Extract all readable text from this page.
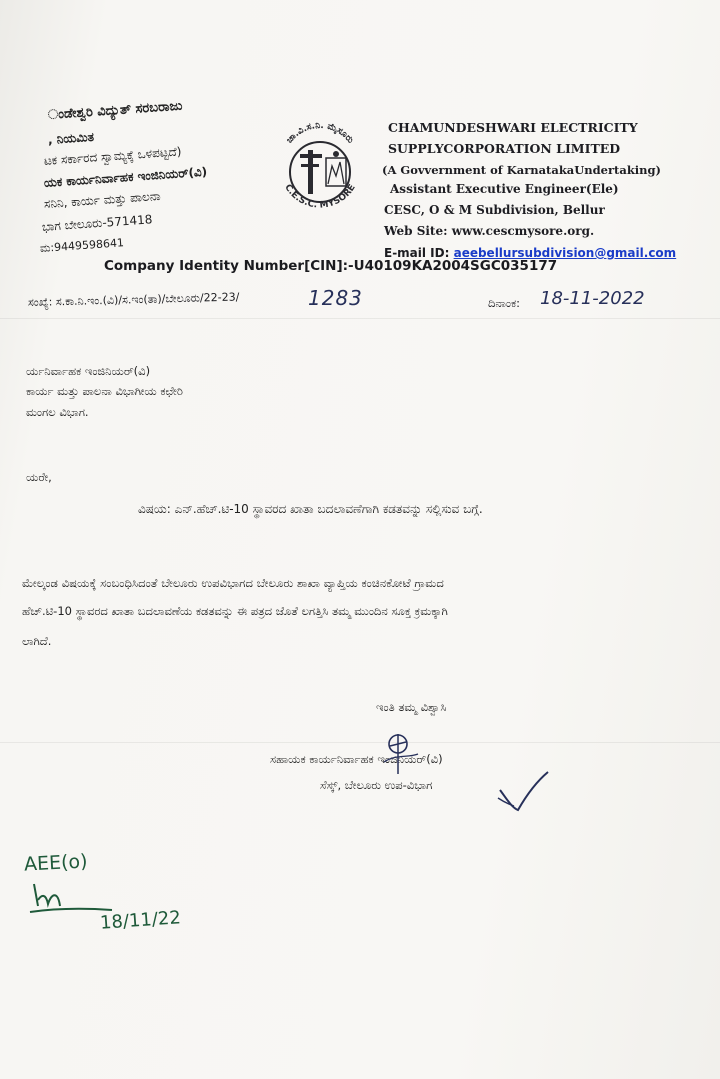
ಂಡೇಶ್ವರಿ ವಿದ್ಯುತ್ ಸರಬರಾಜು
, ನಿಯಮಿತ
ಟಕ ಸರ್ಕಾರದ ಸ್ವಾಮ್ಯಕ್ಕೆ ಒಳಪಟ್ಟದೆ)
ಯಕ ಕಾರ್ಯನಿರ್ವಾಹಕ ಇಂಜಿನಿಯರ್(ವಿ)
ಸನಿನಿ, ಕಾರ್ಯ ಮತ್ತು ಪಾಲನಾ
ಭಾಗ ಬೇಲೂರು-571418
ಮ:9449598641
ಚಾ.ವಿ.ಸ.ನಿ. ಮೈಸೂರು
C.E.S.C. MYSORE
CHAMUNDESHWARI ELECTRICITY
SUPPLYCORPORATION LIMITED
(A Govvernment of KarnatakaUndertaking)
Assistant Executive Engineer(Ele)
CESC, O & M Subdivision, Bellur
Web Site: www.cescmysore.org.
E-mail ID: aeebellursubdivision@gmail.com
Company Identity Number[CIN]:-U40109KA2004SGC035177
ಸಂಖ್ಯೆ: ಸ.ಕಾ.ನಿ.ಇಂ.(ವಿ)/ಸ.ಇಂ(ತಾ)/ಬೇಲೂರು/22-23/	1283	ದಿನಾಂಕ: 18-11-2022
ರ್ಯನಿರ್ವಾಹಕ ಇಂಜಿನಿಯರ್(ವಿ)
ಕಾರ್ಯ ಮತ್ತು ಪಾಲನಾ ವಿಭಾಗೀಯ ಕಛೇರಿ
ಮಂಗಲ ವಿಭಾಗ.
ಯರೇ,
ವಿಷಯ: ಎನ್.ಹೆಚ್.ಟಿ-10 ಸ್ಥಾವರದ ಖಾತಾ ಬದಲಾವಣೆಗಾಗಿ ಕಡತವನ್ನು ಸಲ್ಲಿಸುವ ಬಗ್ಗೆ.
ಮೇಲ್ಕಂಡ ವಿಷಯಕ್ಕೆ ಸಂಬಂಧಿಸಿದಂತೆ ಬೇಲೂರು ಉಪವಿಭಾಗದ ಬೇಲೂರು ಶಾಖಾ ವ್ಯಾಪ್ತಿಯ ಕಂಚಿನಕೋಟೆ ಗ್ರಾಮದ
ಹೆಚ್.ಟಿ-10 ಸ್ಥಾವರದ ಖಾತಾ ಬದಲಾವಣೆಯ ಕಡತವನ್ನು ಈ ಪತ್ರದ ಜೊತೆ ಲಗತ್ತಿಸಿ ತಮ್ಮ ಮುಂದಿನ ಸೂಕ್ತ ಕ್ರಮಕ್ಕಾಗಿ
ಲಾಗಿದೆ.
ಇಂತಿ ತಮ್ಮ ವಿಶ್ವಾಸಿ
ಸಹಾಯಕ ಕಾರ್ಯನಿರ್ವಾಹಕ ಇಂಜಿನಿಯರ್(ವಿ)
ಸೆಸ್ಕ್, ಬೇಲೂರು ಉಪ-ವಿಭಾಗ
AEE(o)
18/11/22
